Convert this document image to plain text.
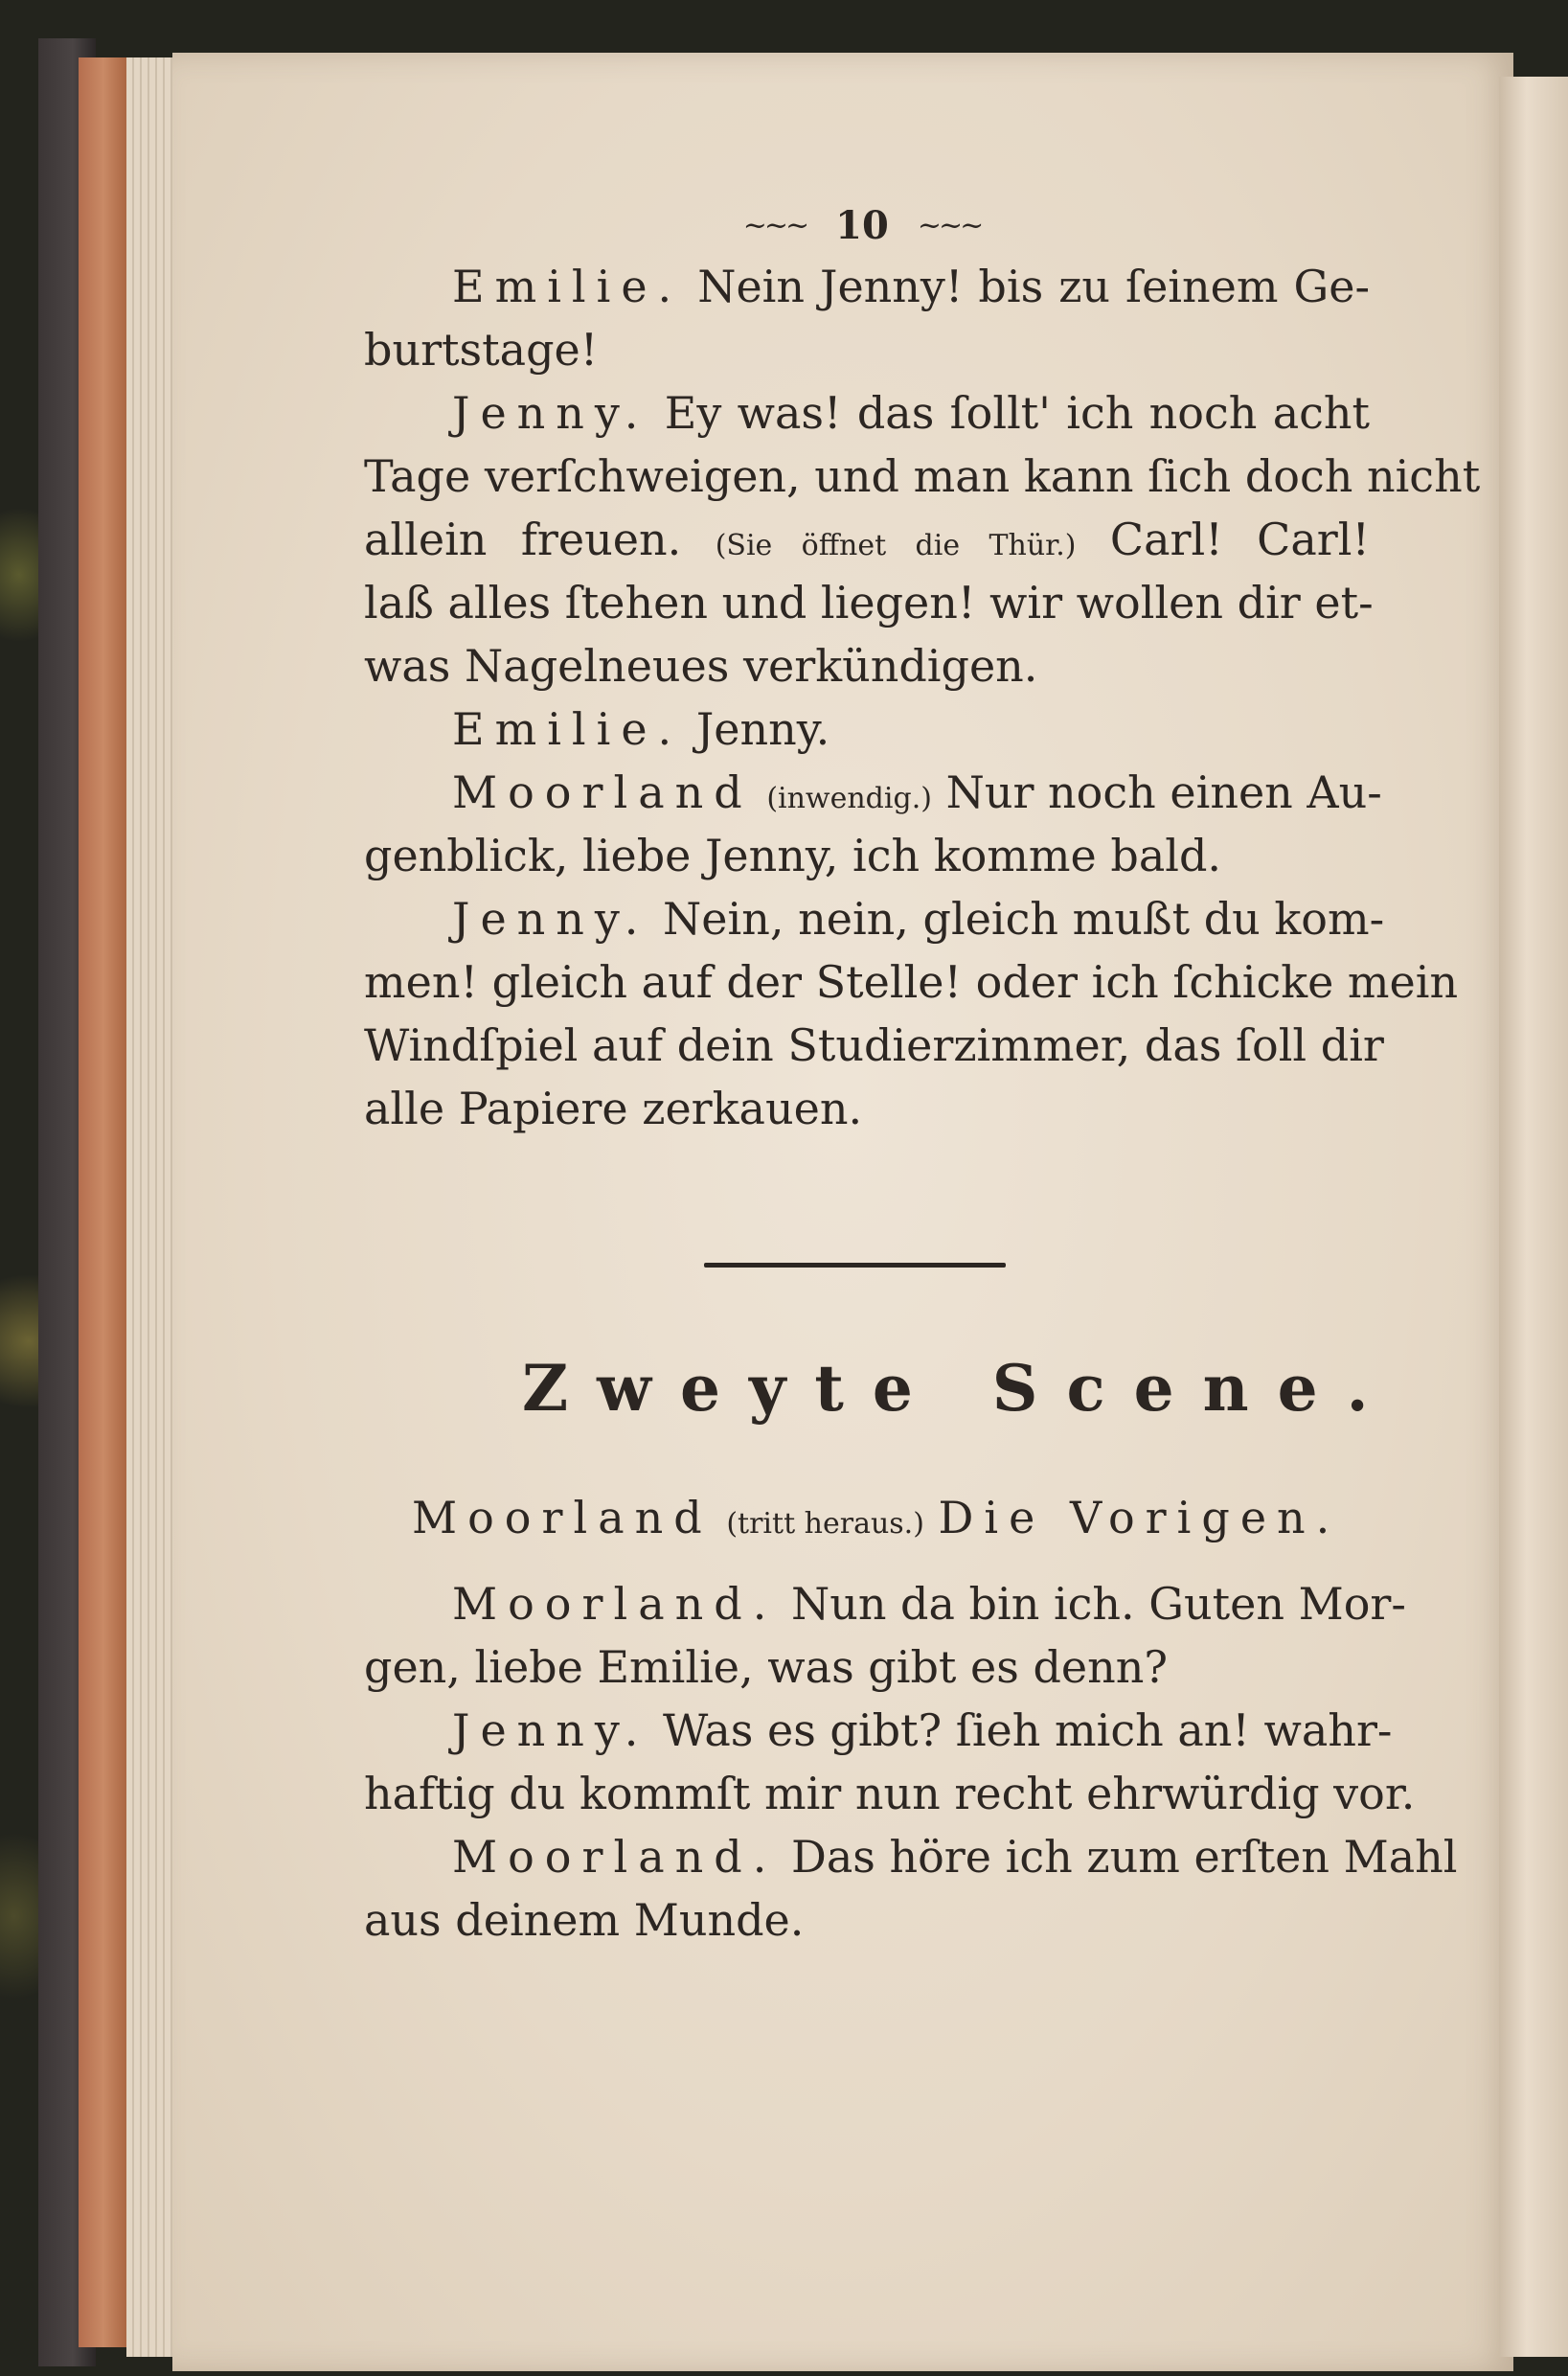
~~~ 10 ~~~
Emilie. Nein Jenny! bis zu ſeinem Ge-
burtstage!
Jenny. Ey was! das ſollt' ich noch acht
Tage verſchweigen, und man kann ſich doch nicht
allein freuen. (Sie öffnet die Thür.) Carl! Carl!
laß alles ſtehen und liegen! wir wollen dir et-
was Nagelneues verkündigen.
Emilie. Jenny.
Moorland (inwendig.) Nur noch einen Au-
genblick, liebe Jenny, ich komme bald.
Jenny. Nein, nein, gleich mußt du kom-
men! gleich auf der Stelle! oder ich ſchicke mein
Windſpiel auf dein Studierzimmer, das ſoll dir
alle Papiere zerkauen.
Zweyte Scene.
Moorland (tritt heraus.) Die Vorigen.
Moorland. Nun da bin ich. Guten Mor-
gen, liebe Emilie, was gibt es denn?
Jenny. Was es gibt? ſieh mich an! wahr-
haftig du kommſt mir nun recht ehrwürdig vor.
Moorland. Das höre ich zum erſten Mahl
aus deinem Munde.
